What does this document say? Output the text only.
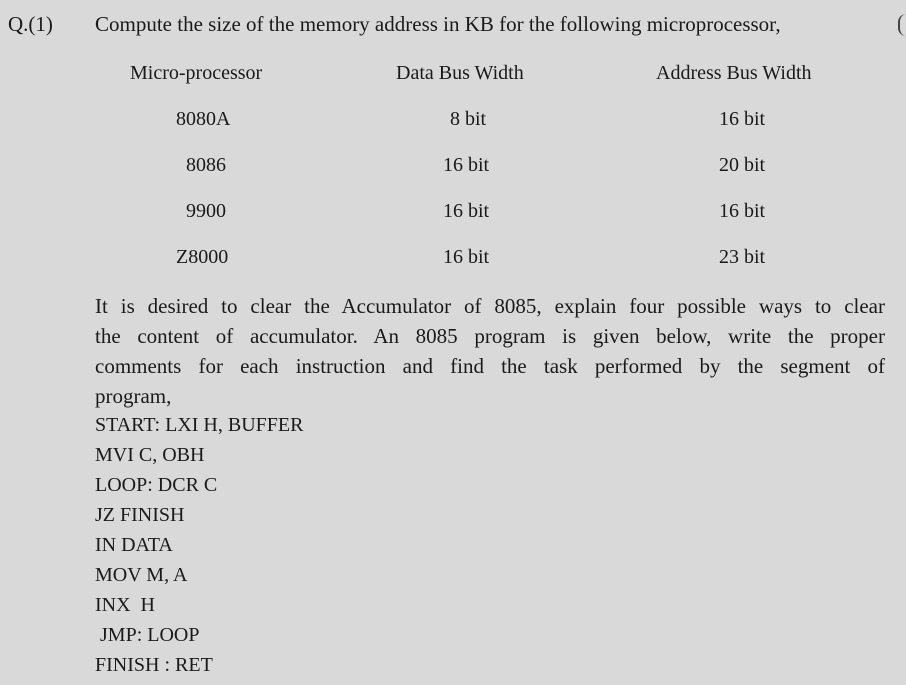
Q.(1) Compute the size of the memory address in KB for the following microprocessor,
Micro-processor	Data Bus Width	Address Bus Width
8080A	8 bit	16 bit
8086	16 bit	20 bit
9900	16 bit	16 bit
Z8000	16 bit	23 bit
It is desired to clear the Accumulator of 8085, explain four possible ways to clear
the content of accumulator. An 8085 program is given below, write the proper
comments for each instruction and find the task performed by the segment of
program,
START: LXI H, BUFFER
MVI C, OBH
LOOP: DCR C
JZ FINISH
IN DATA
MOV M, A
INX  H
JMP: LOOP
FINISH : RET
